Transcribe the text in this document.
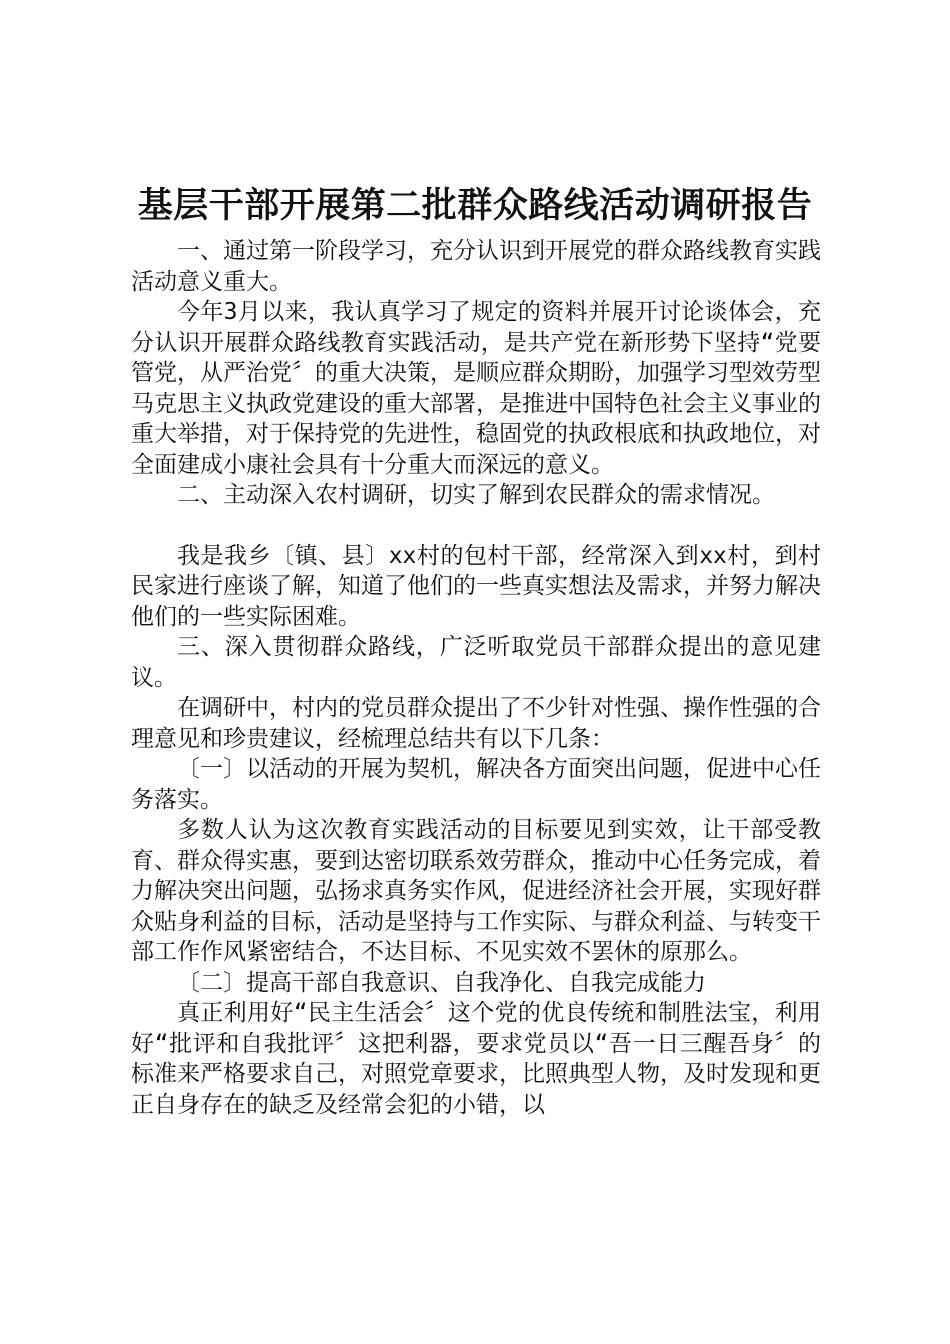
基层干部开展第二批群众路线活动调研报告

一、通过第一阶段学习，充分认识到开展党的群众路线教育实践活动意义重大。

今年3月以来，我认真学习了规定的资料并展开讨论谈体会，充分认识开展群众路线教育实践活动，是共产党在新形势下坚持“党要管党，从严治党〞的重大决策，是顺应群众期盼，加强学习型效劳型马克思主义执政党建设的重大部署，是推进中国特色社会主义事业的重大举措，对于保持党的先进性，稳固党的执政根底和执政地位，对全面建成小康社会具有十分重大而深远的意义。

二、主动深入农村调研，切实了解到农民群众的需求情况。

我是我乡〔镇、县〕xx村的包村干部，经常深入到xx村，到村民家进行座谈了解，知道了他们的一些真实想法及需求，并努力解决他们的一些实际困难。

三、深入贯彻群众路线，广泛听取党员干部群众提出的意见建议。

在调研中，村内的党员群众提出了不少针对性强、操作性强的合理意见和珍贵建议，经梳理总结共有以下几条：

〔一〕以活动的开展为契机，解决各方面突出问题，促进中心任务落实。

多数人认为这次教育实践活动的目标要见到实效，让干部受教育、群众得实惠，要到达密切联系效劳群众，推动中心任务完成，着力解决突出问题，弘扬求真务实作风，促进经济社会开展，实现好群众贴身利益的目标，活动是坚持与工作实际、与群众利益、与转变干部工作作风紧密结合，不达目标、不见实效不罢休的原那么。

〔二〕提高干部自我意识、自我净化、自我完成能力

真正利用好“民主生活会〞这个党的优良传统和制胜法宝，利用好“批评和自我批评〞这把利器，要求党员以“吾一日三醒吾身〞的标准来严格要求自己，对照党章要求，比照典型人物，及时发现和更正自身存在的缺乏及经常会犯的小错，以
